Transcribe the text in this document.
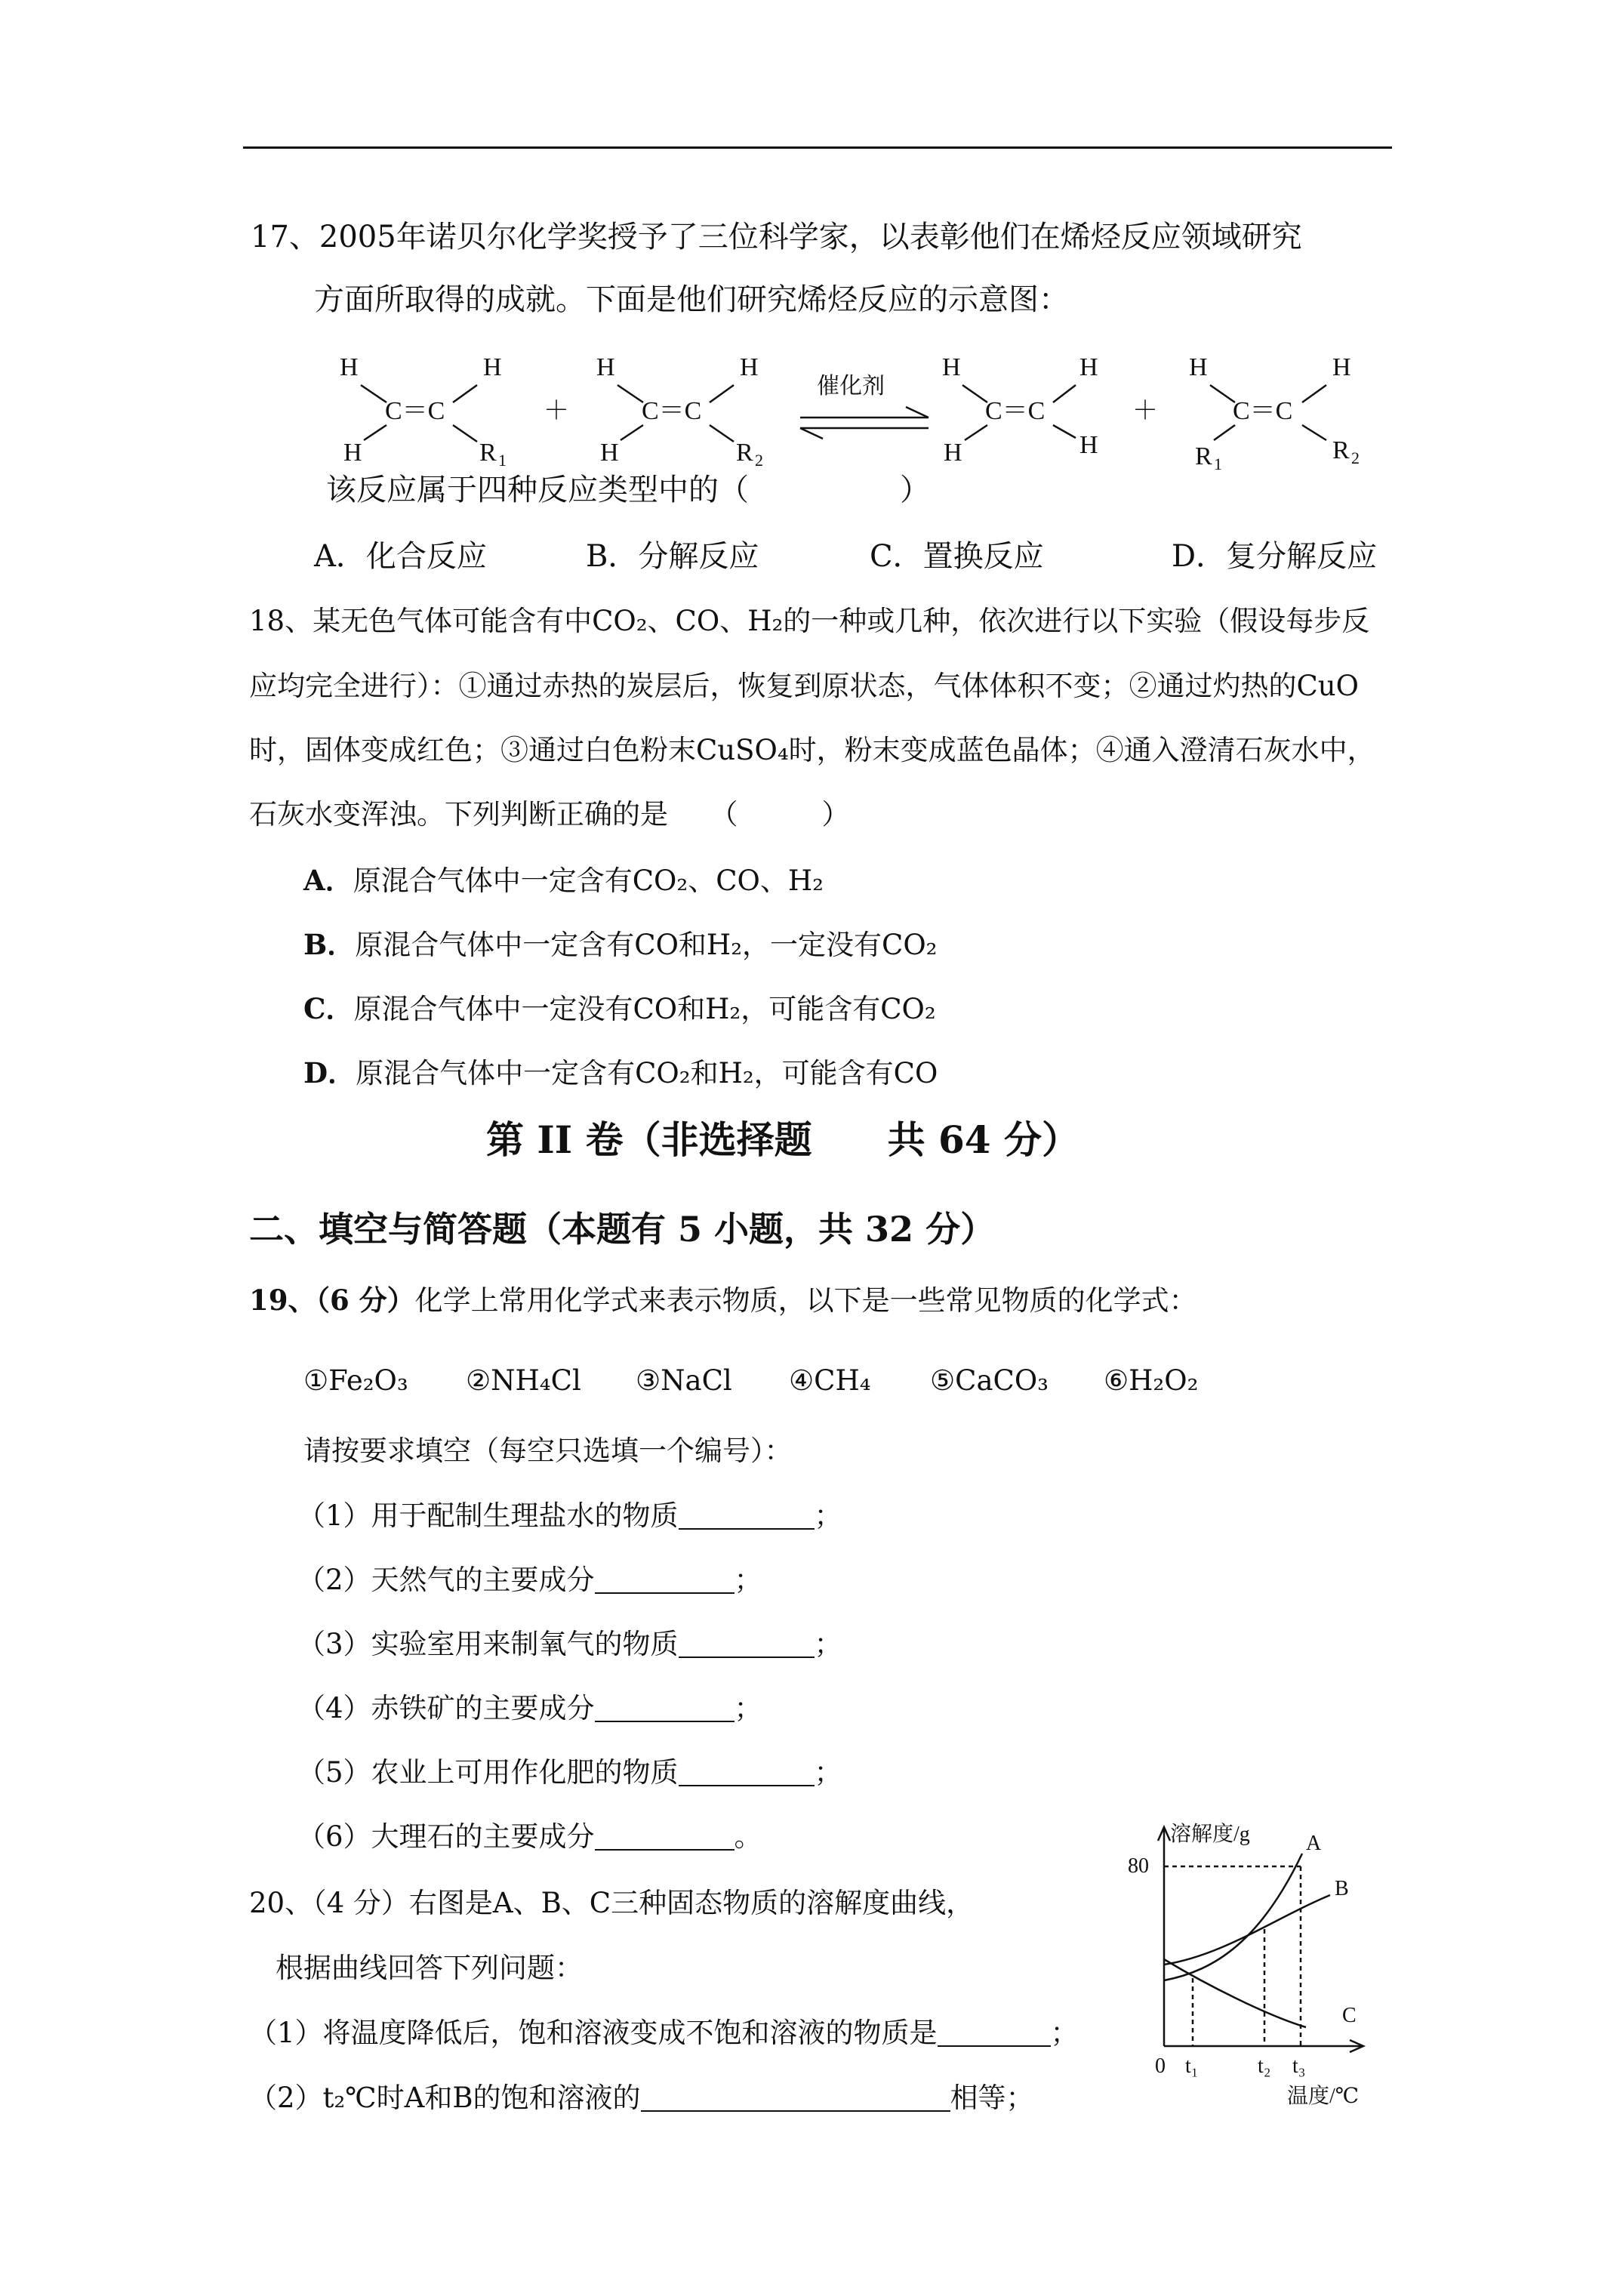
17、2005年诺贝尔化学奖授予了三位科学家，以表彰他们在烯烃反应领域研究
方面所取得的成就。下面是他们研究烯烃反应的示意图：
H	H
C＝C
H	R 1
＋
H	H
C＝C
H	R 2
H	H
C＝C
H	H
＋
H	H
C＝C
R 1	R 2
催化剂
该反应属于四种反应类型中的（　　　　　）
A．化合反应	B．分解反应	C．置换反应	D．复分解反应
18、某无色气体可能含有中CO₂、CO、H₂的一种或几种，依次进行以下实验（假设每步反
应均完全进行）：①通过赤热的炭层后，恢复到原状态，气体体积不变；②通过灼热的CuO
时，固体变成红色；③通过白色粉末CuSO₄时，粉末变成蓝色晶体；④通入澄清石灰水中，
石灰水变浑浊。下列判断正确的是　　（　　　）
A．原混合气体中一定含有CO₂、CO、H₂
B．原混合气体中一定含有CO和H₂，一定没有CO₂
C．原混合气体中一定没有CO和H₂，可能含有CO₂
D．原混合气体中一定含有CO₂和H₂，可能含有CO
第 II 卷（非选择题　　共 64 分）
二、填空与简答题（本题有 5 小题，共 32 分）
19、（6 分）化学上常用化学式来表示物质，以下是一些常见物质的化学式：
①Fe₂O₃ ②NH₄Cl ③NaCl ④CH₄ ⑤CaCO₃ ⑥H₂O₂
请按要求填空（每空只选填一个编号）：
（1）用于配制生理盐水的物质	；
（2）天然气的主要成分	；
（3）实验室用来制氧气的物质	；
（4）赤铁矿的主要成分	；
（5）农业上可用作化肥的物质	；
（6）大理石的主要成分	。
20、（4 分）右图是A、B、C三种固态物质的溶解度曲线，
根据曲线回答下列问题：
（1）将温度降低后，饱和溶液变成不饱和溶液的物质是	；
（2）t₂℃时A和B的饱和溶液的	相等；
溶解度/g
80
0 t₁	t₂ t₃
温度/℃
A
B
C
